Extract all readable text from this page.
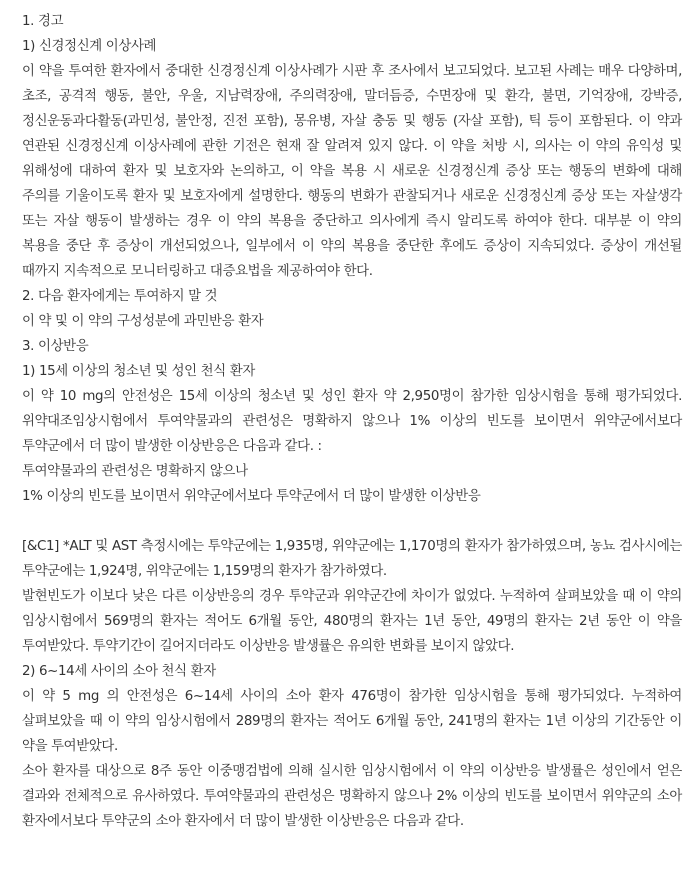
1. 경고

1) 신경정신계 이상사례

이 약을 투여한 환자에서 중대한 신경정신계 이상사례가 시판 후 조사에서 보고되었다. 보고된 사례는 매우 다양하며, 초조, 공격적 행동, 불안, 우울, 지남력장애, 주의력장애, 말더듬증, 수면장애 및 환각, 불면, 기억장애, 강박증, 정신운동과다활동(과민성, 불안정, 진전 포함), 몽유병, 자살 충동 및 행동 (자살 포함), 틱 등이 포함된다. 이 약과 연관된 신경정신계 이상사례에 관한 기전은 현재 잘 알려져 있지 않다. 이 약을 처방 시, 의사는 이 약의 유익성 및 위해성에 대하여 환자 및 보호자와 논의하고, 이 약을 복용 시 새로운 신경정신계 증상 또는 행동의 변화에 대해 주의를 기울이도록 환자 및 보호자에게 설명한다. 행동의 변화가 관찰되거나 새로운 신경정신계 증상 또는 자살생각 또는 자살 행동이 발생하는 경우 이 약의 복용을 중단하고 의사에게 즉시 알리도록 하여야 한다. 대부분 이 약의 복용을 중단 후 증상이 개선되었으나, 일부에서 이 약의 복용을 중단한 후에도 증상이 지속되었다. 증상이 개선될 때까지 지속적으로 모니터링하고 대증요법을 제공하여야 한다.

2. 다음 환자에게는 투여하지 말 것

이 약 및 이 약의 구성성분에 과민반응 환자

3. 이상반응

1) 15세 이상의 청소년 및 성인 천식 환자

이 약 10 mg의 안전성은 15세 이상의 청소년 및 성인 환자 약 2,950명이 참가한 임상시험을 통해 평가되었다. 위약대조임상시험에서 투여약물과의 관련성은 명확하지 않으나 1% 이상의 빈도를 보이면서 위약군에서보다 투약군에서 더 많이 발생한 이상반응은 다음과 같다. :

투여약물과의 관련성은 명확하지 않으나

1% 이상의 빈도를 보이면서 위약군에서보다 투약군에서 더 많이 발생한 이상반응

[&C1] *ALT 및 AST 측정시에는 투약군에는 1,935명, 위약군에는 1,170명의 환자가 참가하였으며, 농뇨 검사시에는 투약군에는 1,924명, 위약군에는 1,159명의 환자가 참가하였다.

발현빈도가 이보다 낮은 다른 이상반응의 경우 투약군과 위약군간에 차이가 없었다. 누적하여 살펴보았을 때 이 약의 임상시험에서 569명의 환자는 적어도 6개월 동안, 480명의 환자는 1년 동안, 49명의 환자는 2년 동안 이 약을 투여받았다. 투약기간이 길어지더라도 이상반응 발생률은 유의한 변화를 보이지 않았다.

2) 6~14세 사이의 소아 천식 환자

이 약 5 mg 의 안전성은 6~14세 사이의 소아 환자 476명이 참가한 임상시험을 통해 평가되었다. 누적하여 살펴보았을 때 이 약의 임상시험에서 289명의 환자는 적어도 6개월 동안, 241명의 환자는 1년 이상의 기간동안 이 약을 투여받았다.

소아 환자를 대상으로 8주 동안 이중맹검법에 의해 실시한 임상시험에서 이 약의 이상반응 발생률은 성인에서 얻은 결과와 전체적으로 유사하였다. 투여약물과의 관련성은 명확하지 않으나 2% 이상의 빈도를 보이면서 위약군의 소아 환자에서보다 투약군의 소아 환자에서 더 많이 발생한 이상반응은 다음과 같다.
